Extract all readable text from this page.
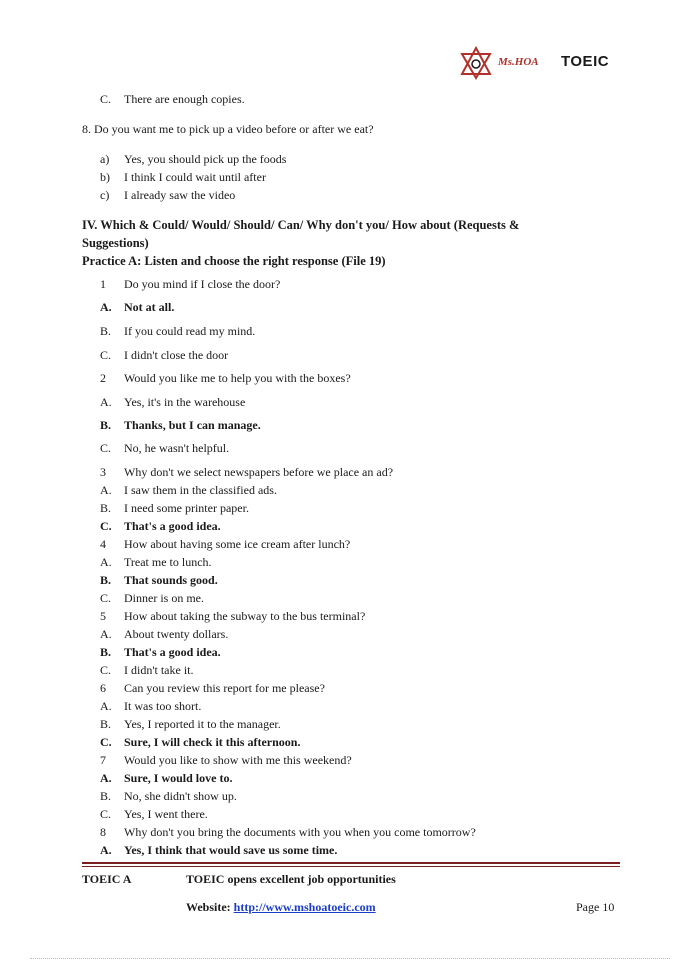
Ms.HOA TOEIC
C. There are enough copies.
8. Do you want me to pick up a video before or after we eat?
a) Yes, you should pick up the foods
b) I think I could wait until after
c) I already saw the video
IV. Which & Could/ Would/ Should/ Can/ Why don't you/ How about (Requests &
Suggestions)
Practice A: Listen and choose the right response (File 19)
1 Do you mind if I close the door?
A. Not at all.
B. If you could read my mind.
C. I didn't close the door
2 Would you like me to help you with the boxes?
A. Yes, it's in the warehouse
B. Thanks, but I can manage.
C. No, he wasn't helpful.
3 Why don't we select newspapers before we place an ad?
A. I saw them in the classified ads.
B. I need some printer paper.
C. That's a good idea.
4 How about having some ice cream after lunch?
A. Treat me to lunch.
B. That sounds good.
C. Dinner is on me.
5 How about taking the subway to the bus terminal?
A. About twenty dollars.
B. That's a good idea.
C. I didn't take it.
6 Can you review this report for me please?
A. It was too short.
B. Yes, I reported it to the manager.
C. Sure, I will check it this afternoon.
7 Would you like to show with me this weekend?
A. Sure, I would love to.
B. No, she didn't show up.
C. Yes, I went there.
8 Why don't you bring the documents with you when you come tomorrow?
A. Yes, I think that would save us some time.
TOEIC A	TOEIC opens excellent job opportunities
Website: http://www.mshoatoeic.com	Page 10
